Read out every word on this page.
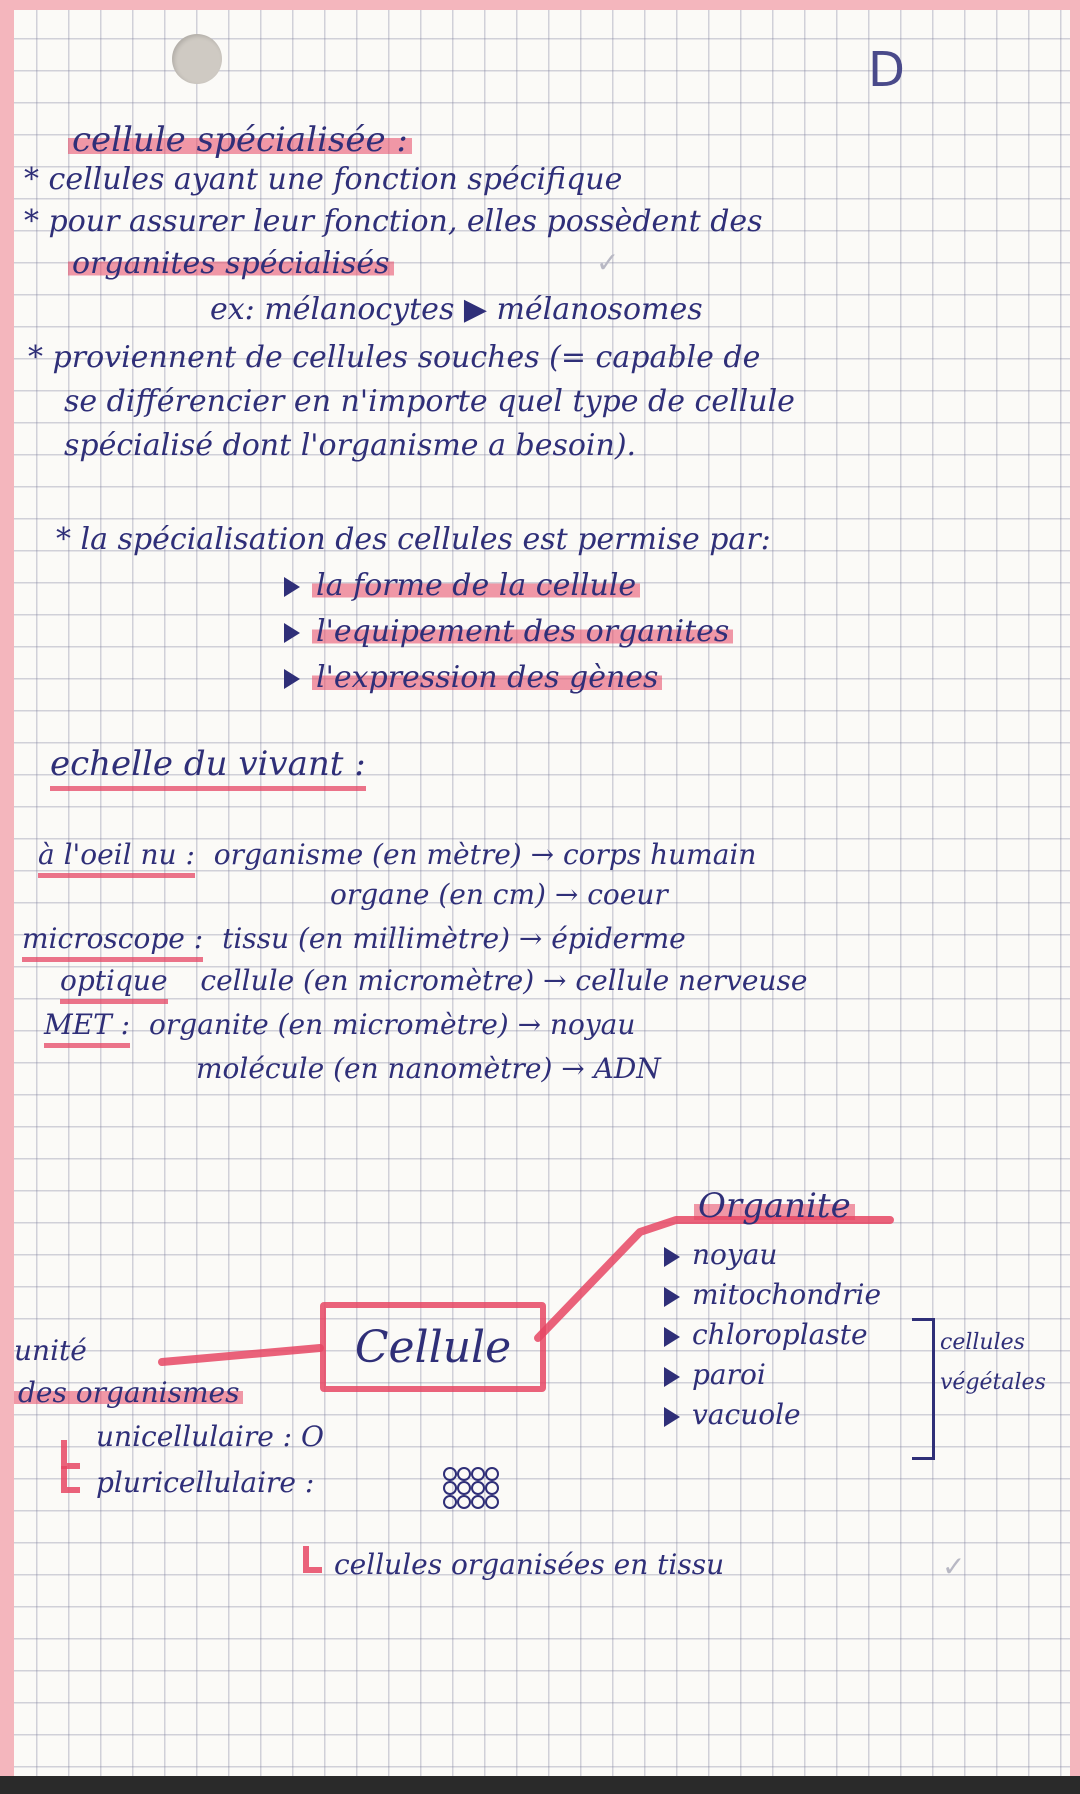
D
cellule spécialisée :
* cellules ayant une fonction spécifique
* pour assurer leur fonction, elles possèdent des
organites spécialisés	✓
ex: mélanocytes ▶ mélanosomes
* proviennent de cellules souches (= capable de
se différencier en n'importe quel type de cellule
spécialisé dont l'organisme a besoin).
* la spécialisation des cellules est permise par:
la forme de la cellule
l'equipement des organites
l'expression des gènes
echelle du vivant :
à l'oeil nu : organisme (en mètre) → corps humain
organe (en cm) → coeur
microscope : tissu (en millimètre) → épiderme
optique cellule (en micromètre) → cellule nerveuse
MET : organite (en micromètre) → noyau
molécule (en nanomètre) → ADN
Organite
noyau
mitochondrie
chloroplaste
paroi
vacuole
cellules
végétales
Cellule
unité
des organismes
unicellulaire : O
pluricellulaire :
cellules organisées en tissu	✓
